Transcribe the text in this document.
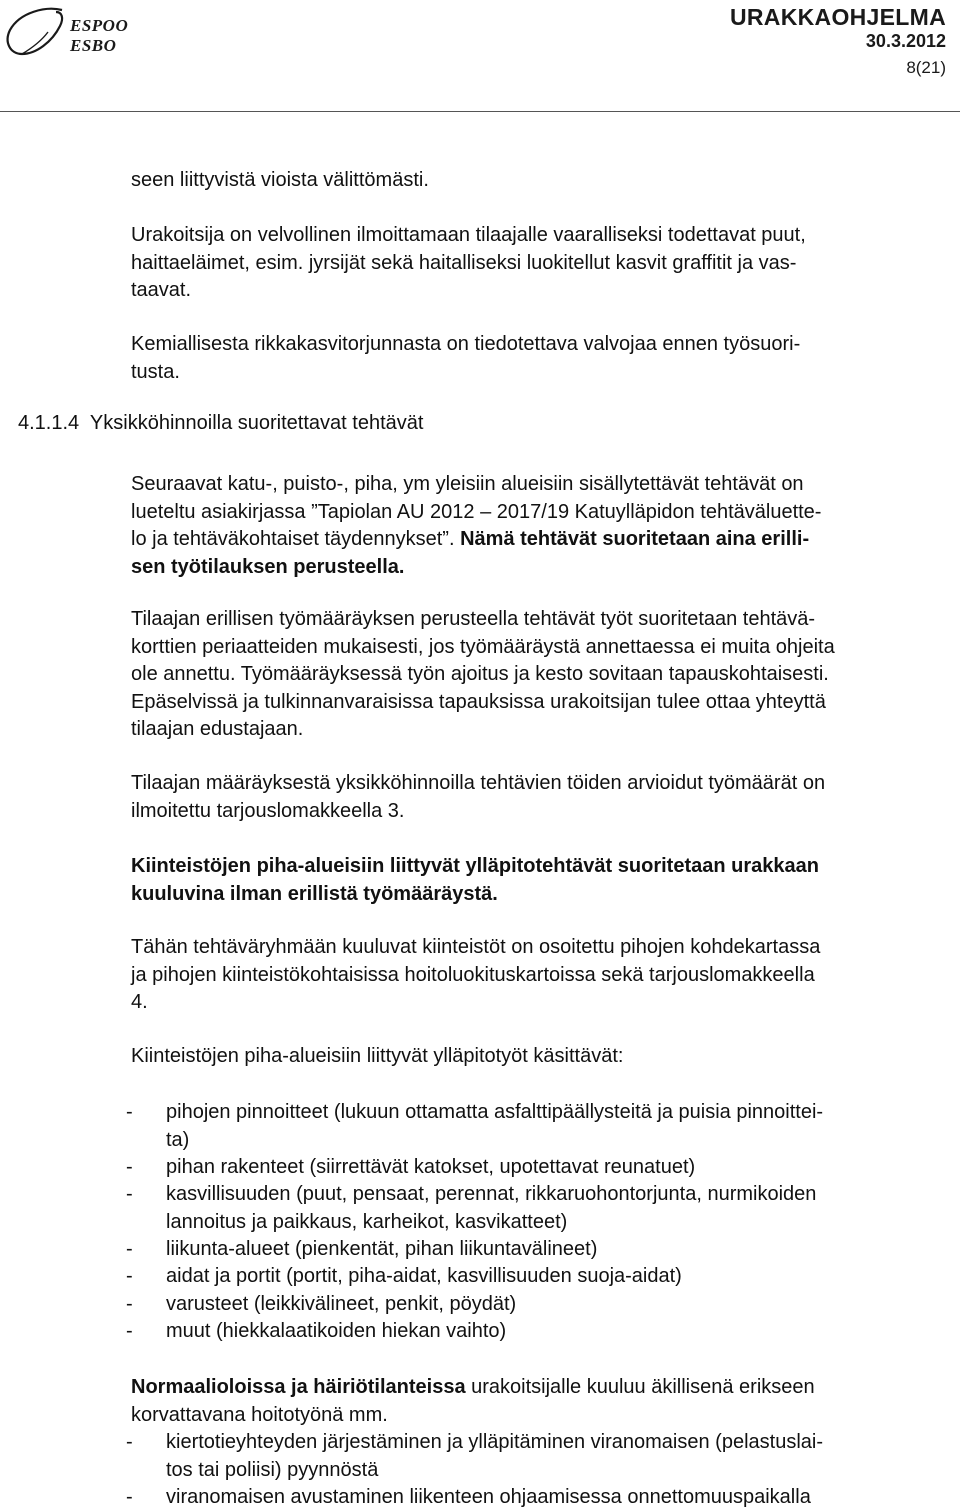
ESPOO
ESBO
URAKKAOHJELMA
30.3.2012
8(21)
seen liittyvistä vioista välittömästi.
Urakoitsija on velvollinen ilmoittamaan tilaajalle vaaralliseksi todettavat puut,
haittaeläimet, esim. jyrsijät sekä haitalliseksi luokitellut kasvit graffitit ja vas-
taavat.
Kemiallisesta rikkakasvitorjunnasta on tiedotettava valvojaa ennen työsuori-
tusta.
4.1.1.4  Yksikköhinnoilla suoritettavat tehtävät
Seuraavat katu-, puisto-, piha, ym yleisiin alueisiin sisällytettävät tehtävät on
lueteltu asiakirjassa ”Tapiolan AU 2012 – 2017/19 Katuylläpidon tehtäväluette-
lo ja tehtäväkohtaiset täydennykset”. Nämä tehtävät suoritetaan aina erilli-
sen työtilauksen perusteella.
Tilaajan erillisen työmääräyksen perusteella tehtävät työt suoritetaan tehtävä-
korttien periaatteiden mukaisesti, jos työmääräystä annettaessa ei muita ohjeita
ole annettu. Työmääräyksessä työn ajoitus ja kesto sovitaan tapauskohtaisesti.
Epäselvissä ja tulkinnanvaraisissa tapauksissa urakoitsijan tulee ottaa yhteyttä
tilaajan edustajaan.
Tilaajan määräyksestä yksikköhinnoilla tehtävien töiden arvioidut työmäärät on
ilmoitettu tarjouslomakkeella 3.
Kiinteistöjen piha-alueisiin liittyvät ylläpitotehtävät suoritetaan urakkaan
kuuluvina ilman erillistä työmääräystä.
Tähän tehtäväryhmään kuuluvat kiinteistöt on osoitettu pihojen kohdekartassa
ja pihojen kiinteistökohtaisissa hoitoluokituskartoissa sekä tarjouslomakkeella
4.
Kiinteistöjen piha-alueisiin liittyvät ylläpitotyöt käsittävät:
- pihojen pinnoitteet (lukuun ottamatta asfalttipäällysteitä ja puisia pinnoittei-
ta)
- pihan rakenteet (siirrettävät katokset, upotettavat reunatuet)
- kasvillisuuden (puut, pensaat, perennat, rikkaruohontorjunta, nurmikoiden
lannoitus ja paikkaus, karheikot, kasvikatteet)
- liikunta-alueet (pienkentät, pihan liikuntavälineet)
- aidat ja portit (portit, piha-aidat, kasvillisuuden suoja-aidat)
- varusteet (leikkivälineet, penkit, pöydät)
- muut (hiekkalaatikoiden hiekan vaihto)
Normaalioloissa ja häiriötilanteissa urakoitsijalle kuuluu äkillisenä erikseen
korvattavana hoitotyönä mm.
- kiertotieyhteyden järjestäminen ja ylläpitäminen viranomaisen (pelastuslai-
tos tai poliisi) pyynnöstä
- viranomaisen avustaminen liikenteen ohjaamisessa onnettomuuspaikalla
